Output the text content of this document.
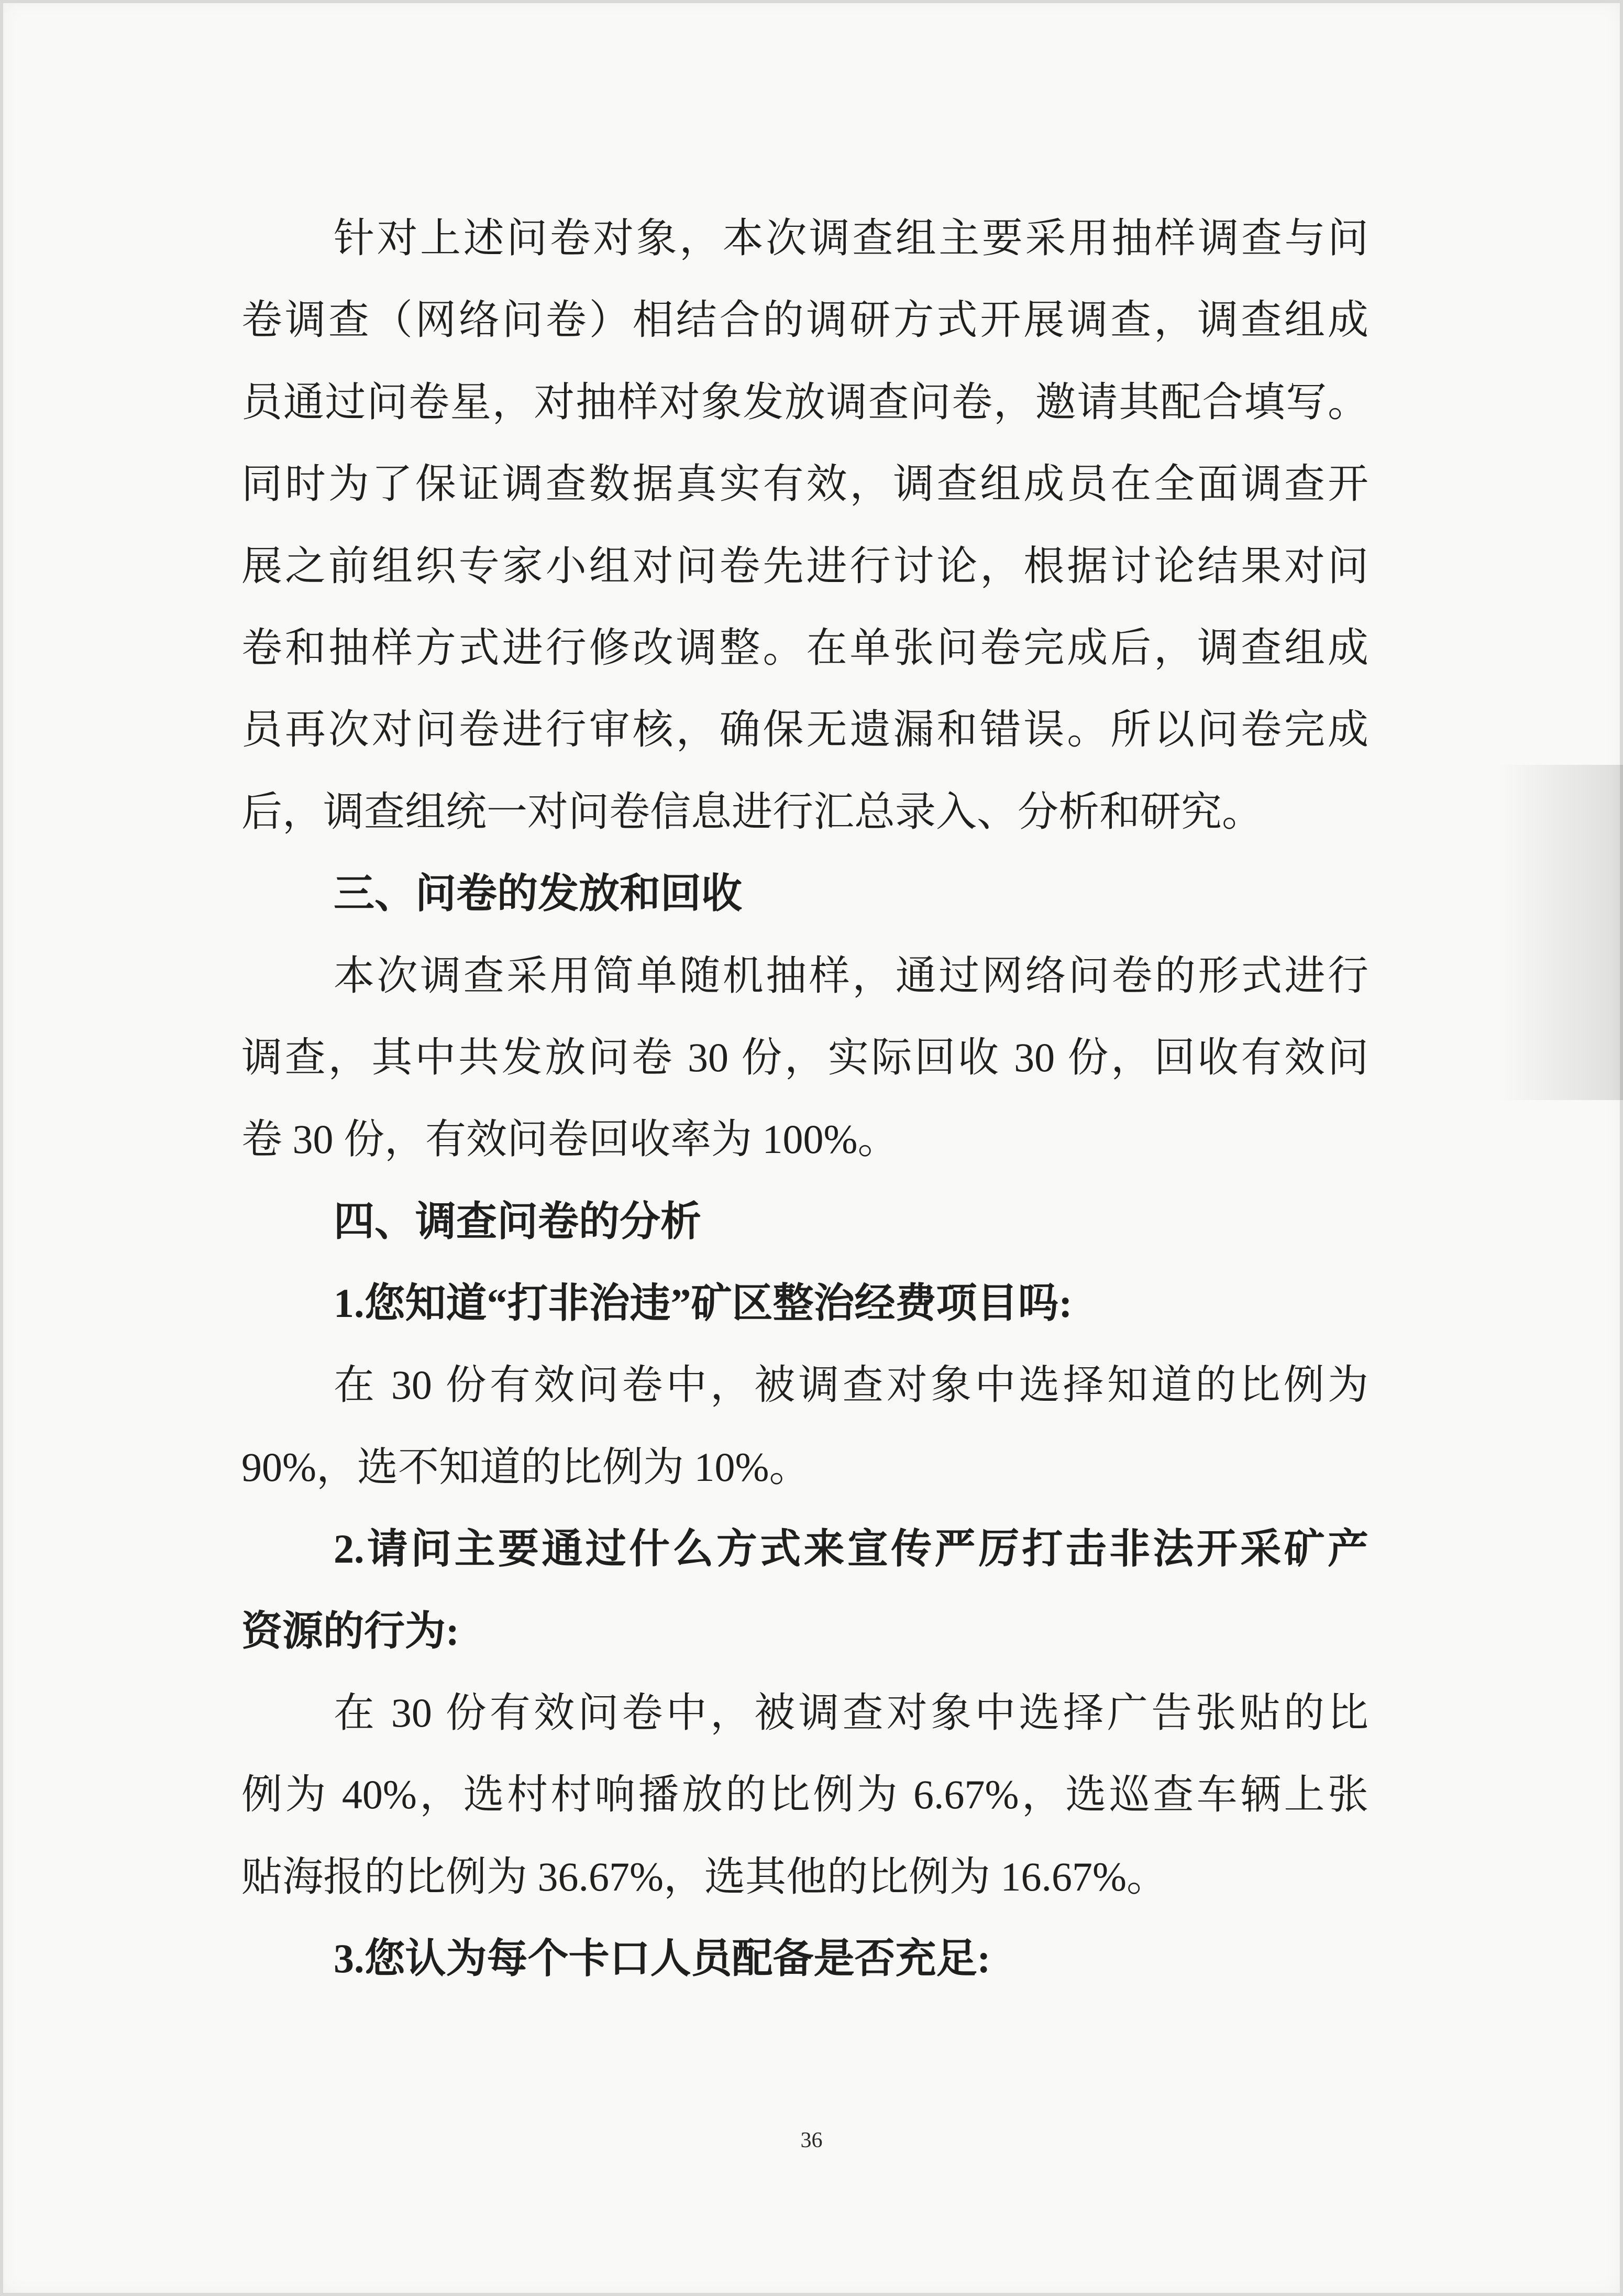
针对上述问卷对象，本次调查组主要采用抽样调查与问
卷调查（网络问卷）相结合的调研方式开展调查，调查组成
员通过问卷星，对抽样对象发放调查问卷，邀请其配合填写。
同时为了保证调查数据真实有效，调查组成员在全面调查开
展之前组织专家小组对问卷先进行讨论，根据讨论结果对问
卷和抽样方式进行修改调整。在单张问卷完成后，调查组成
员再次对问卷进行审核，确保无遗漏和错误。所以问卷完成
后，调查组统一对问卷信息进行汇总录入、分析和研究。
三、问卷的发放和回收
本次调查采用简单随机抽样，通过网络问卷的形式进行
调查，其中共发放问卷 30 份，实际回收 30 份，回收有效问
卷 30 份，有效问卷回收率为 100%。
四、调查问卷的分析
1.您知道“打非治违”矿区整治经费项目吗:
在 30 份有效问卷中，被调查对象中选择知道的比例为
90%，选不知道的比例为 10%。
2.请问主要通过什么方式来宣传严厉打击非法开采矿产
资源的行为:
在 30 份有效问卷中，被调查对象中选择广告张贴的比
例为 40%，选村村响播放的比例为 6.67%，选巡查车辆上张
贴海报的比例为 36.67%，选其他的比例为 16.67%。
3.您认为每个卡口人员配备是否充足:
36
